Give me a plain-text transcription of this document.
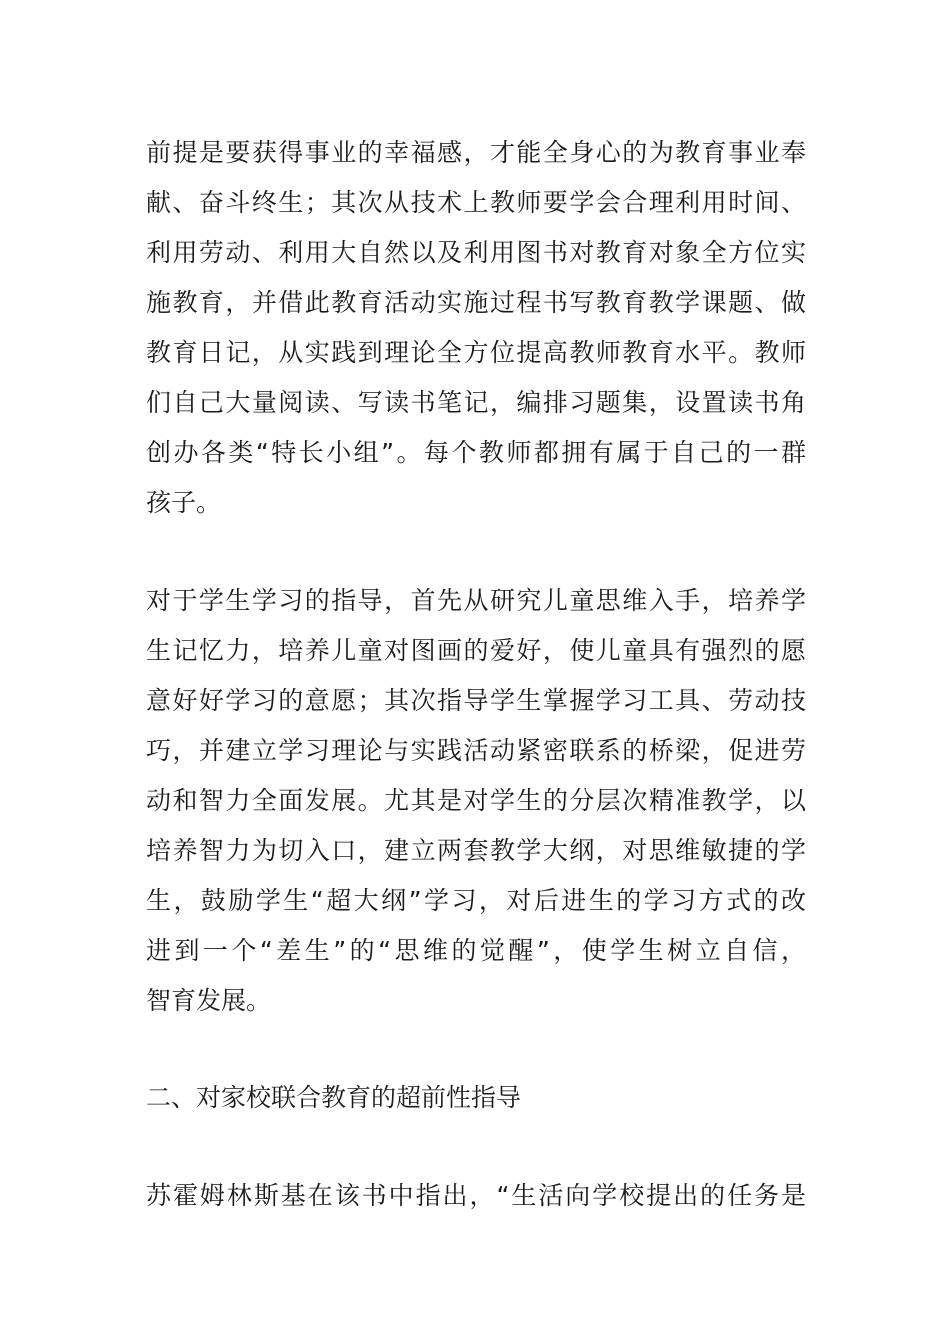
前提是要获得事业的幸福感，才能全身心的为教育事业奉

献、奋斗终生；其次从技术上教师要学会合理利用时间、

利用劳动、利用大自然以及利用图书对教育对象全方位实

施教育，并借此教育活动实施过程书写教育教学课题、做

教育日记，从实践到理论全方位提高教师教育水平。教师

们自己大量阅读、写读书笔记，编排习题集，设置读书角

创办各类“特长小组”。每个教师都拥有属于自己的一群

孩子。

对于学生学习的指导，首先从研究儿童思维入手，培养学

生记忆力，培养儿童对图画的爱好，使儿童具有强烈的愿

意好好学习的意愿；其次指导学生掌握学习工具、劳动技

巧，并建立学习理论与实践活动紧密联系的桥梁，促进劳

动和智力全面发展。尤其是对学生的分层次精准教学，以

培养智力为切入口，建立两套教学大纲，对思维敏捷的学

生，鼓励学生“超大纲”学习，对后进生的学习方式的改

进到一个“差生”的“思维的觉醒”，使学生树立自信，

智育发展。

二、对家校联合教育的超前性指导

苏霍姆林斯基在该书中指出，“生活向学校提出的任务是
